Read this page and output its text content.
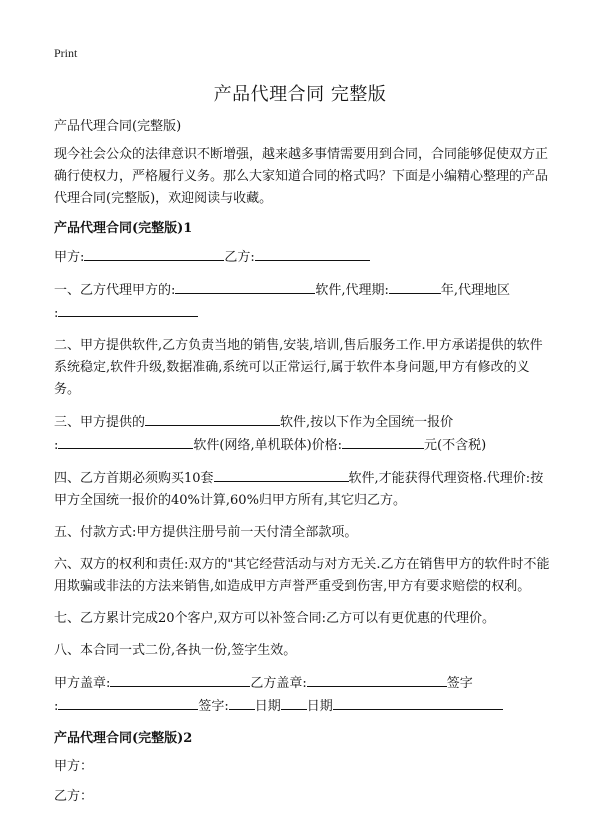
Print
产品代理合同 完整版
产品代理合同(完整版)
现今社会公众的法律意识不断增强，越来越多事情需要用到合同，合同能够促使双方正确行使权力，严格履行义务。那么大家知道合同的格式吗？下面是小编精心整理的产品代理合同(完整版)，欢迎阅读与收藏。
产品代理合同(完整版)1
甲方:	乙方:
一、乙方代理甲方的:	软件,代理期:	年,代理地区
:
二、甲方提供软件,乙方负责当地的销售,安装,培训,售后服务工作.甲方承诺提供的软件系统稳定,软件升级,数据准确,系统可以正常运行,属于软件本身问题,甲方有修改的义务。
三、甲方提供的	软件,按以下作为全国统一报价
:	软件(网络,单机联体)价格:	元(不含税)
四、乙方首期必须购买10套	软件,才能获得代理资格.代理价:按甲方全国统一报价的40%计算,60%归甲方所有,其它归乙方。
五、付款方式:甲方提供注册号前一天付清全部款项。
六、双方的权利和责任:双方的"其它经营活动与对方无关.乙方在销售甲方的软件时不能用欺骗或非法的方法来销售,如造成甲方声誉严重受到伤害,甲方有要求赔偿的权利。
七、乙方累计完成20个客户,双方可以补签合同:乙方可以有更优惠的代理价。
八、本合同一式二份,各执一份,签字生效。
甲方盖章:	乙方盖章:	签字
:	签字: 日期 日期
产品代理合同(完整版)2
甲方：
乙方：
